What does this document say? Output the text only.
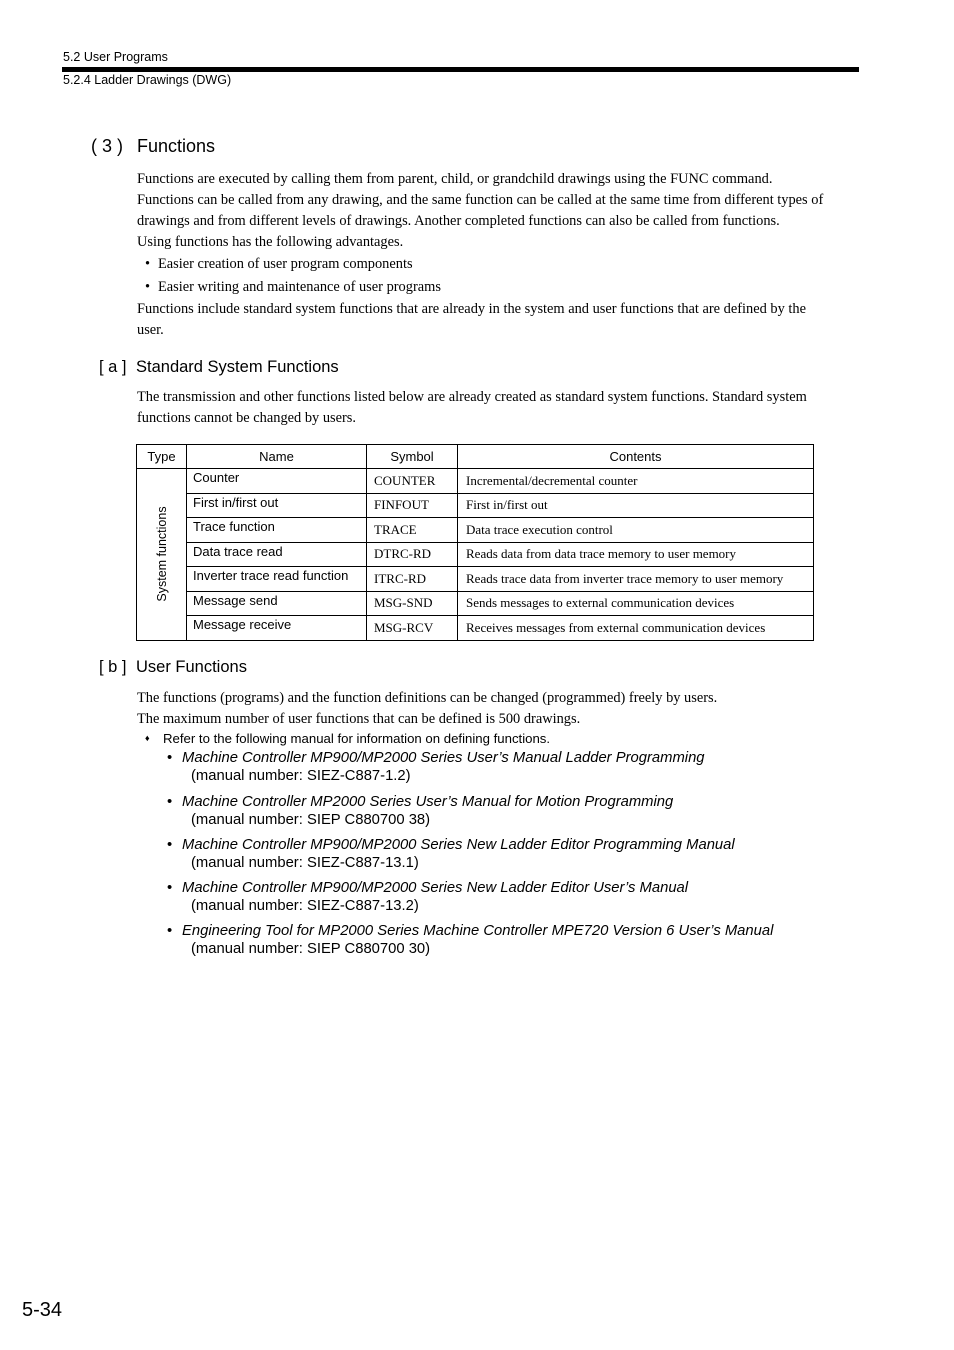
5.2 User Programs
5.2.4 Ladder Drawings (DWG)
( 3 ) Functions
Functions are executed by calling them from parent, child, or grandchild drawings using the FUNC command.
Functions can be called from any drawing, and the same function can be called at the same time from different types of
drawings and from different levels of drawings. Another completed functions can also be called from functions.
Using functions has the following advantages.
• Easier creation of user program components
• Easier writing and maintenance of user programs
Functions include standard system functions that are already in the system and user functions that are defined by the
user.
[ a ] Standard System Functions
The transmission and other functions listed below are already created as standard system functions. Standard system
functions cannot be changed by users.
Type	Name	Symbol	Contents

System functions	Counter	COUNTER	Incremental/decremental counter
	First in/first out	FINFOUT	First in/first out
	Trace function	TRACE	Data trace execution control
	Data trace read	DTRC-RD	Reads data from data trace memory to user memory
	Inverter trace read function	ITRC-RD	Reads trace data from inverter trace memory to user memory
	Message send	MSG-SND	Sends messages to external communication devices
	Message receive	MSG-RCV	Receives messages from external communication devices
[ b ] User Functions
The functions (programs) and the function definitions can be changed (programmed) freely by users.
The maximum number of user functions that can be defined is 500 drawings.
♦ Refer to the following manual for information on defining functions.
• Machine Controller MP900/MP2000 Series User’s Manual Ladder Programming
(manual number: SIEZ-C887-1.2)
• Machine Controller MP2000 Series User’s Manual for Motion Programming
(manual number: SIEP C880700 38)
• Machine Controller MP900/MP2000 Series New Ladder Editor Programming Manual
(manual number: SIEZ-C887-13.1)
• Machine Controller MP900/MP2000 Series New Ladder Editor User’s Manual
(manual number: SIEZ-C887-13.2)
• Engineering Tool for MP2000 Series Machine Controller MPE720 Version 6 User’s Manual
(manual number: SIEP C880700 30)
5-34
